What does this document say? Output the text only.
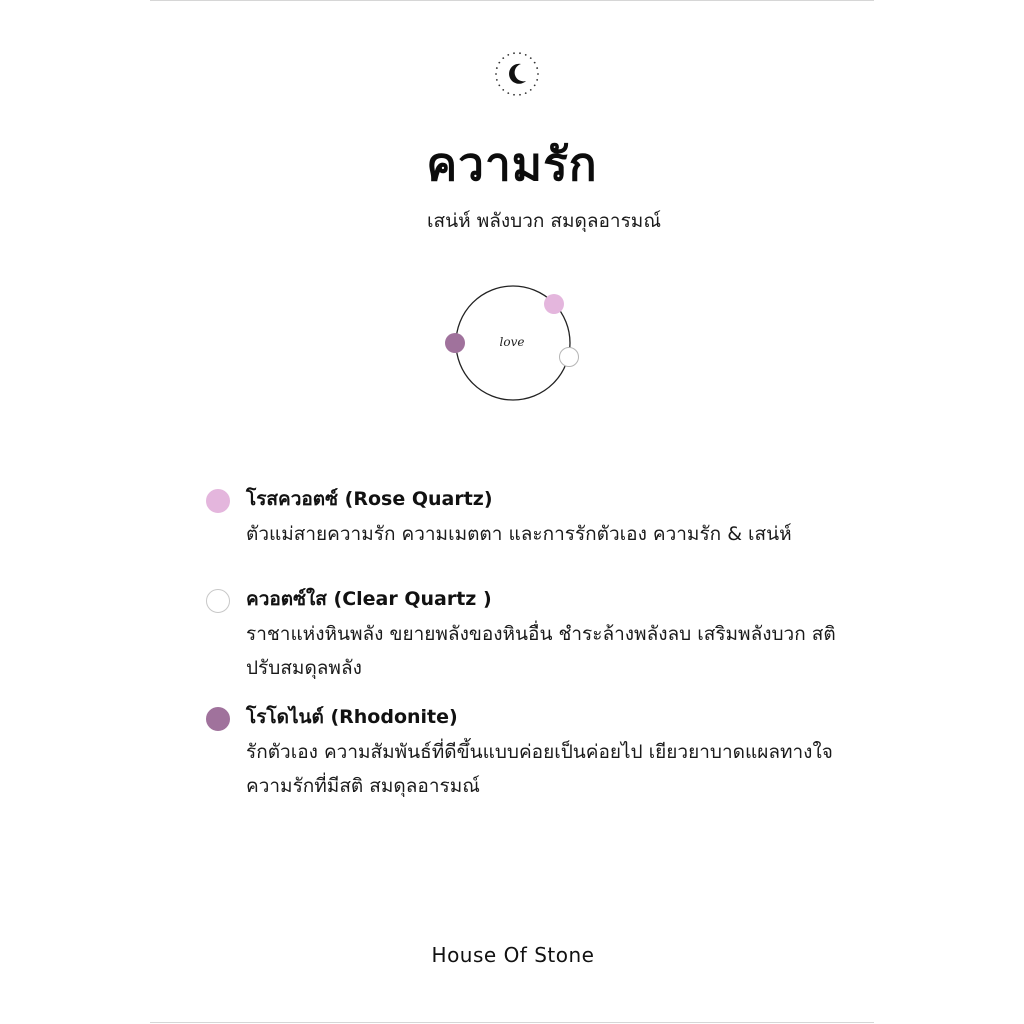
ความรัก
เสน่ห์ พลังบวก สมดุลอารมณ์
love
โรสควอตซ์ (Rose Quartz)
ตัวแม่สายความรัก ความเมตตา และการรักตัวเอง ความรัก & เสน่ห์
ควอตซ์ใส (Clear Quartz )
ราชาแห่งหินพลัง ขยายพลังของหินอื่น ชำระล้างพลังลบ เสริมพลังบวก สติ ปรับสมดุลพลัง
โรโดไนต์ (Rhodonite)
รักตัวเอง ความสัมพันธ์ที่ดีขึ้นแบบค่อยเป็นค่อยไป เยียวยาบาดแผลทางใจ ความรักที่มีสติ สมดุลอารมณ์
House Of Stone
